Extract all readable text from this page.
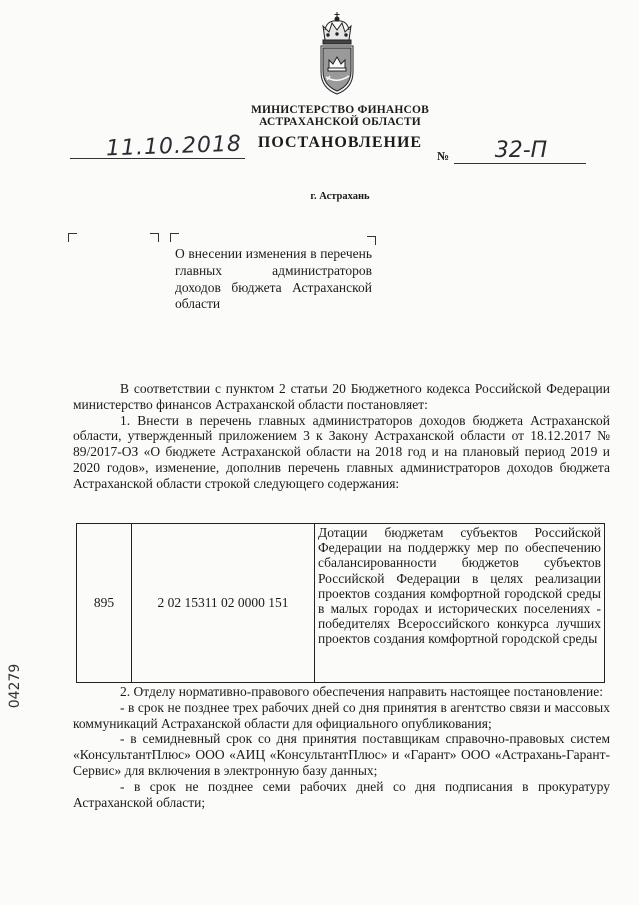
МИНИСТЕРСТВО ФИНАНСОВ
АСТРАХАНСКОЙ ОБЛАСТИ
11.10.2018 ПОСТАНОВЛЕНИЕ
№	32-П
г. Астрахань
О внесении изменения в перечень главных администраторов доходов бюджета Астраханской области

В соответствии с пунктом 2 статьи 20 Бюджетного кодекса Российской Федерации министерство финансов Астраханской области постановляет:

1. Внести в перечень главных администраторов доходов бюджета Астраханской области, утвержденный приложением 3 к Закону Астраханской области от 18.12.2017 № 89/2017-ОЗ «О бюджете Астраханской области на 2018 год и на плановый период 2019 и 2020 годов», изменение, дополнив перечень главных администраторов доходов бюджета Астраханской области строкой следующего содержания:

895	2 02 15311 02 0000 151	Дотации бюджетам субъектов Российской Федерации на поддержку мер по обеспечению сбалансированности бюджетов субъектов Российской Федерации в целях реализации проектов создания комфортной городской среды в малых городах и исторических поселениях - победителях Всероссийского конкурса лучших проектов создания комфортной городской среды

2. Отделу нормативно-правового обеспечения направить настоящее постановление:

- в срок не позднее трех рабочих дней со дня принятия в агентство связи и массовых коммуникаций Астраханской области для официального опубликования;

- в семидневный срок со дня принятия поставщикам справочно-правовых систем «КонсультантПлюс» ООО «АИЦ «КонсультантПлюс» и «Гарант» ООО «Астрахань-Гарант-Сервис» для включения в электронную базу данных;

- в срок не позднее семи рабочих дней со дня подписания в прокуратуру Астраханской области;

04279
